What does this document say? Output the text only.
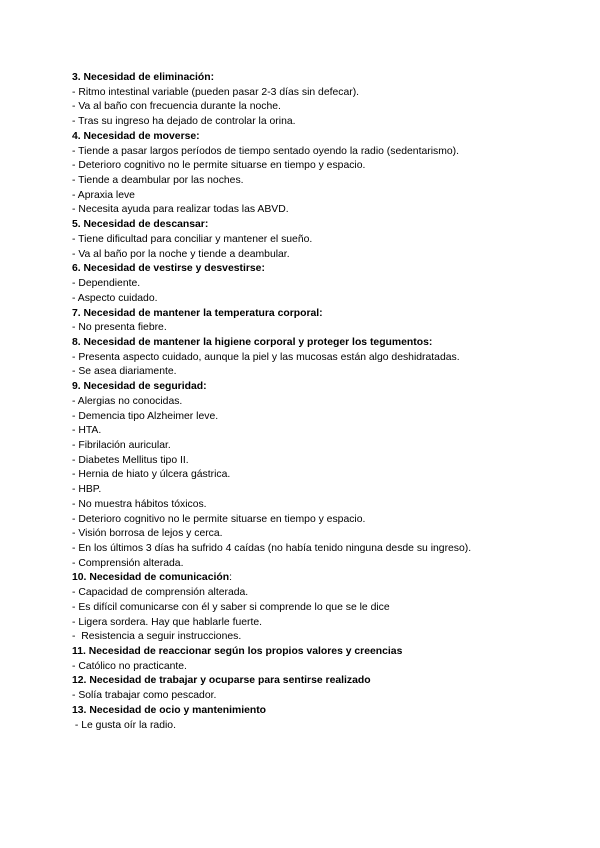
3. Necesidad de eliminación:
- Ritmo intestinal variable (pueden pasar 2-3 días sin defecar).
- Va al baño con frecuencia durante la noche.
- Tras su ingreso ha dejado de controlar la orina.
4. Necesidad de moverse:
- Tiende a pasar largos períodos de tiempo sentado oyendo la radio (sedentarismo).
- Deterioro cognitivo no le permite situarse en tiempo y espacio.
- Tiende a deambular por las noches.
- Apraxia leve
- Necesita ayuda para realizar todas las ABVD.
5. Necesidad de descansar:
- Tiene dificultad para conciliar y mantener el sueño.
- Va al baño por la noche y tiende a deambular.
6. Necesidad de vestirse y desvestirse:
- Dependiente.
- Aspecto cuidado.
7. Necesidad de mantener la temperatura corporal:
- No presenta fiebre.
8. Necesidad de mantener la higiene corporal y proteger los tegumentos:
- Presenta aspecto cuidado, aunque la piel y las mucosas están algo deshidratadas.
- Se asea diariamente.
9. Necesidad de seguridad:
- Alergias no conocidas.
- Demencia tipo Alzheimer leve.
- HTA.
- Fibrilación auricular.
- Diabetes Mellitus tipo II.
- Hernia de hiato y úlcera gástrica.
- HBP.
- No muestra hábitos tóxicos.
- Deterioro cognitivo no le permite situarse en tiempo y espacio.
- Visión borrosa de lejos y cerca.
- En los últimos 3 días ha sufrido 4 caídas (no había tenido ninguna desde su ingreso).
- Comprensión alterada.
10. Necesidad de comunicación:
- Capacidad de comprensión alterada.
- Es difícil comunicarse con él y saber si comprende lo que se le dice
- Ligera sordera. Hay que hablarle fuerte.
-  Resistencia a seguir instrucciones.
11. Necesidad de reaccionar según los propios valores y creencias
- Católico no practicante.
12. Necesidad de trabajar y ocuparse para sentirse realizado
- Solía trabajar como pescador.
13. Necesidad de ocio y mantenimiento
- Le gusta oír la radio.
